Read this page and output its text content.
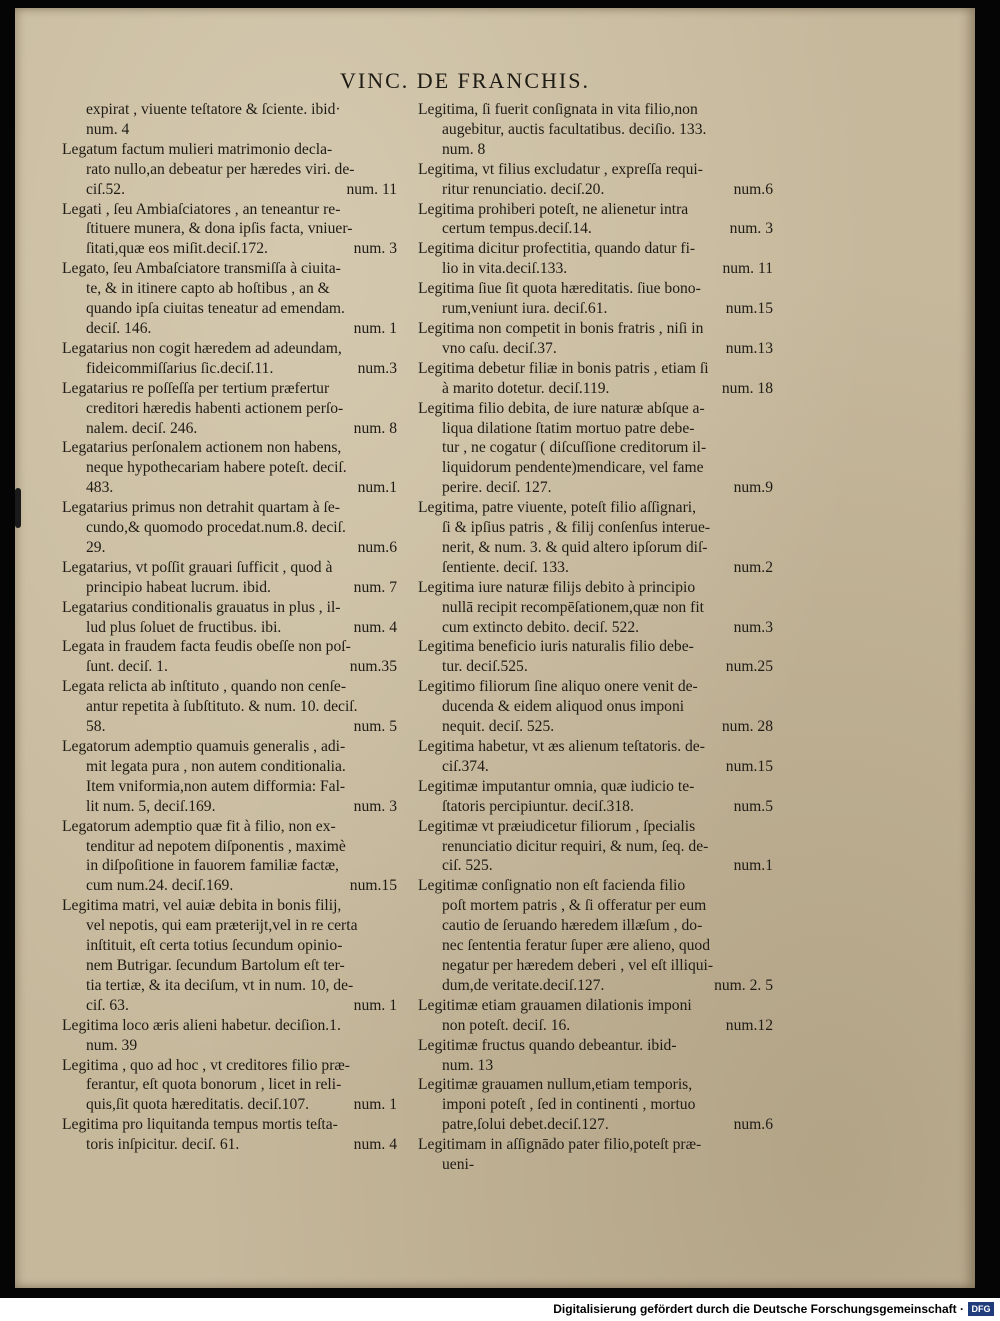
VINC. DE FRANCHIS.
expirat , viuente teſtatore & ſciente. ibid·
num. 4
Legatum factum mulieri matrimonio decla-
rato nullo,an debeatur per hæredes viri. de-
ciſ.52.	num. 11
Legati , ſeu Ambiaſciatores , an teneantur re-
ſtituere munera, & dona ipſis facta, vniuer-
ſitati,quæ eos miſit.deciſ.172.	num. 3
Legato, ſeu Ambaſciatore transmiſſa à ciuita-
te, & in itinere capto ab hoſtibus , an &
quando ipſa ciuitas teneatur ad emendam.
deciſ. 146.	num. 1
Legatarius non cogit hæredem ad adeundam,
fideicommiſſarius ſic.deciſ.11.	num.3
Legatarius re poſſeſſa per tertium præfertur
creditori hæredis habenti actionem perſo-
nalem. deciſ. 246.	num. 8
Legatarius perſonalem actionem non habens,
neque hypothecariam habere poteſt. deciſ.
483.	num.1
Legatarius primus non detrahit quartam à ſe-
cundo,& quomodo procedat.num.8. deciſ.
29.	num.6
Legatarius, vt poſſit grauari ſufficit , quod à
principio habeat lucrum. ibid.	num. 7
Legatarius conditionalis grauatus in plus , il-
lud plus ſoluet de fructibus. ibi.	num. 4
Legata in fraudem facta feudis obeſſe non poſ-
ſunt. deciſ. 1.	num.35
Legata relicta ab inſtituto , quando non cenſe-
antur repetita à ſubſtituto. & num. 10. deciſ.
58.	num. 5
Legatorum ademptio quamuis generalis , adi-
mit legata pura , non autem conditionalia.
Item vniformia,non autem difformia: Fal-
lit num. 5, deciſ.169.	num. 3
Legatorum ademptio quæ fit à filio, non ex-
tenditur ad nepotem diſponentis , maximè
in diſpoſitione in fauorem familiæ factæ,
cum num.24. deciſ.169.	num.15
Legitima matri, vel auiæ debita in bonis filij,
vel nepotis, qui eam præterijt,vel in re certa
inſtituit, eſt certa totius ſecundum opinio-
nem Butrigar. ſecundum Bartolum eſt ter-
tia tertiæ, & ita deciſum, vt in num. 10, de-
ciſ. 63.	num. 1
Legitima loco æris alieni habetur. deciſion.1.
num. 39
Legitima , quo ad hoc , vt creditores filio præ-
ferantur, eſt quota bonorum , licet in reli-
quis,ſit quota hæreditatis. deciſ.107.	num. 1
Legitima pro liquitanda tempus mortis teſta-
toris inſpicitur. deciſ. 61.	num. 4
Legitima, ſi fuerit conſignata in vita filio,non
augebitur, auctis facultatibus. deciſio. 133.
num. 8
Legitima, vt filius excludatur , expreſſa requi-
ritur renunciatio. deciſ.20.	num.6
Legitima prohiberi poteſt, ne alienetur intra
certum tempus.deciſ.14.	num. 3
Legitima dicitur profectitia, quando datur fi-
lio in vita.deciſ.133.	num. 11
Legitima ſiue ſit quota hæreditatis. ſiue bono-
rum,veniunt iura. deciſ.61.	num.15
Legitima non competit in bonis fratris , niſi in
vno caſu. deciſ.37.	num.13
Legitima debetur filiæ in bonis patris , etiam ſi
à marito dotetur. deciſ.119.	num. 18
Legitima filio debita, de iure naturæ abſque a-
liqua dilatione ſtatim mortuo patre debe-
tur , ne cogatur ( diſcuſſione creditorum il-
liquidorum pendente)mendicare, vel fame
perire. deciſ. 127.	num.9
Legitima, patre viuente, poteſt filio aſſignari,
ſi & ipſius patris , & filij conſenſus interue-
nerit, & num. 3. & quid altero ipſorum diſ-
ſentiente. deciſ. 133.	num.2
Legitima iure naturæ filijs debito à principio
nullā recipit recompēſationem,quæ non fit
cum extincto debito. deciſ. 522.	num.3
Legitima beneficio iuris naturalis filio debe-
tur. deciſ.525.	num.25
Legitimo filiorum ſine aliquo onere venit de-
ducenda & eidem aliquod onus imponi
nequit. deciſ. 525.	num. 28
Legitima habetur, vt æs alienum teſtatoris. de-
ciſ.374.	num.15
Legitimæ imputantur omnia, quæ iudicio te-
ſtatoris percipiuntur. deciſ.318.	num.5
Legitimæ vt præiudicetur filiorum , ſpecialis
renunciatio dicitur requiri, & num, ſeq. de-
ciſ. 525.	num.1
Legitimæ conſignatio non eſt facienda filio
poſt mortem patris , & ſi offeratur per eum
cautio de ſeruando hæredem illæſum , do-
nec ſententia feratur ſuper ære alieno, quod
negatur per hæredem deberi , vel eſt illiqui-
dum,de veritate.deciſ.127.	num. 2. 5
Legitimæ etiam grauamen dilationis imponi
non poteſt. deciſ. 16.	num.12
Legitimæ fructus quando debeantur. ibid-
num. 13
Legitimæ grauamen nullum,etiam temporis,
imponi poteſt , ſed in continenti , mortuo
patre,ſolui debet.deciſ.127.	num.6
Legitimam in aſſignādo pater filio,poteſt præ-
ueni-
Digitalisierung gefördert durch die Deutsche Forschungsgemeinschaft · DFG
